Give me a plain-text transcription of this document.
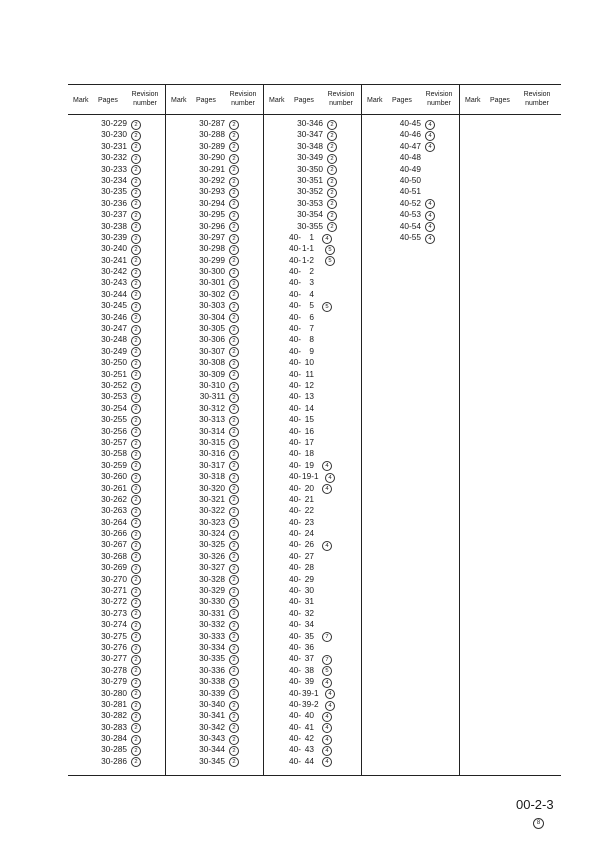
Mark Pages
Revision
number
30-229	2
30-230	2
30-231	2
30-232	2
30-233	2
30-234	2
30-235	2
30-236	2
30-237	2
30-238	2
30-239	2
30-240	2
30-241	2
30-242	2
30-243	2
30-244	2
30-245	2
30-246	2
30-247	2
30-248	2
30-249	2
30-250	2
30-251	2
30-252	2
30-253	2
30-254	2
30-255	2
30-256	2
30-257	2
30-258	2
30-259	2
30-260	2
30-261	2
30-262	2
30-263	2
30-264	2
30-266	2
30-267	2
30-268	2
30-269	2
30-270	2
30-271	2
30-272	2
30-273	2
30-274	2
30-275	2
30-276	2
30-277	2
30-278	2
30-279	2
30-280	2
30-281	2
30-282	2
30-283	2
30-284	2
30-285	2
30-286	2
Mark Pages
Revision
number
30-287	2
30-288	2
30-289	2
30-290	2
30-291	2
30-292	2
30-293	2
30-294	2
30-295	2
30-296	2
30-297	2
30-298	2
30-299	2
30-300	2
30-301	2
30-302	2
30-303	2
30-304	2
30-305	2
30-306	2
30-307	2
30-308	2
30-309	2
30-310	2
30-311	2
30-312	2
30-313	2
30-314	2
30-315	2
30-316	2
30-317	2
30-318	2
30-320	2
30-321	2
30-322	2
30-323	2
30-324	2
30-325	2
30-326	2
30-327	2
30-328	2
30-329	2
30-330	2
30-331	2
30-332	2
30-333	2
30-334	2
30-335	2
30-336	2
30-338	2
30-339	2
30-340	2
30-341	2
30-342	2
30-343	2
30-344	2
30-345	2
Mark Pages
Revision
number
30-346	2
30-347	2
30-348	2
30-349	2
30-350	2
30-351	2
30-352	2
30-353	2
30-354	2
30-355	2
40- 1	4
40-1-1	5
40-1-2	5
40- 2
40- 3
40- 4
40- 5	5
40- 6
40- 7
40- 8
40- 9
40- 10
40- 11
40- 12
40- 13
40- 14
40- 15
40- 16
40- 17
40- 18
40- 19	4
40-19-1	4
40- 20	4
40- 21
40- 22
40- 23
40- 24
40- 26	4
40- 27
40- 28
40- 29
40- 30
40- 31
40- 32
40- 34
40- 35	7
40- 36
40- 37	7
40- 38	5
40- 39	4
40-39-1	4
40-39-2	4
40- 40	4
40- 41	4
40- 42	4
40- 43	4
40- 44	4
Mark Pages
Revision
number
40-45	4
40-46	4
40-47	4
40-48
40-49
40-50
40-51
40-52	4
40-53	4
40-54	4
40-55	4
Mark Pages
Revision
number
00-2-3
8
